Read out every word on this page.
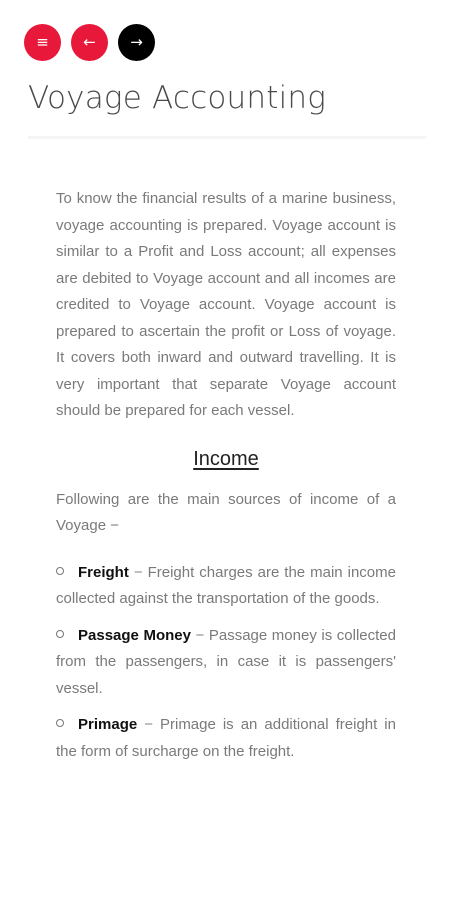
≡ ← →
Voyage Accounting

To know the financial results of a marine business, voyage accounting is prepared. Voyage account is similar to a Profit and Loss account; all expenses are debited to Voyage account and all incomes are credited to Voyage account. Voyage account is prepared to ascertain the profit or Loss of voyage. It covers both inward and outward travelling. It is very important that separate Voyage account should be prepared for each vessel.

Income

Following are the main sources of income of a Voyage −

Freight − Freight charges are the main income collected against the transportation of the goods.
Passage Money − Passage money is collected from the passengers, in case it is passengers' vessel.
Primage − Primage is an additional freight in the form of surcharge on the freight.
